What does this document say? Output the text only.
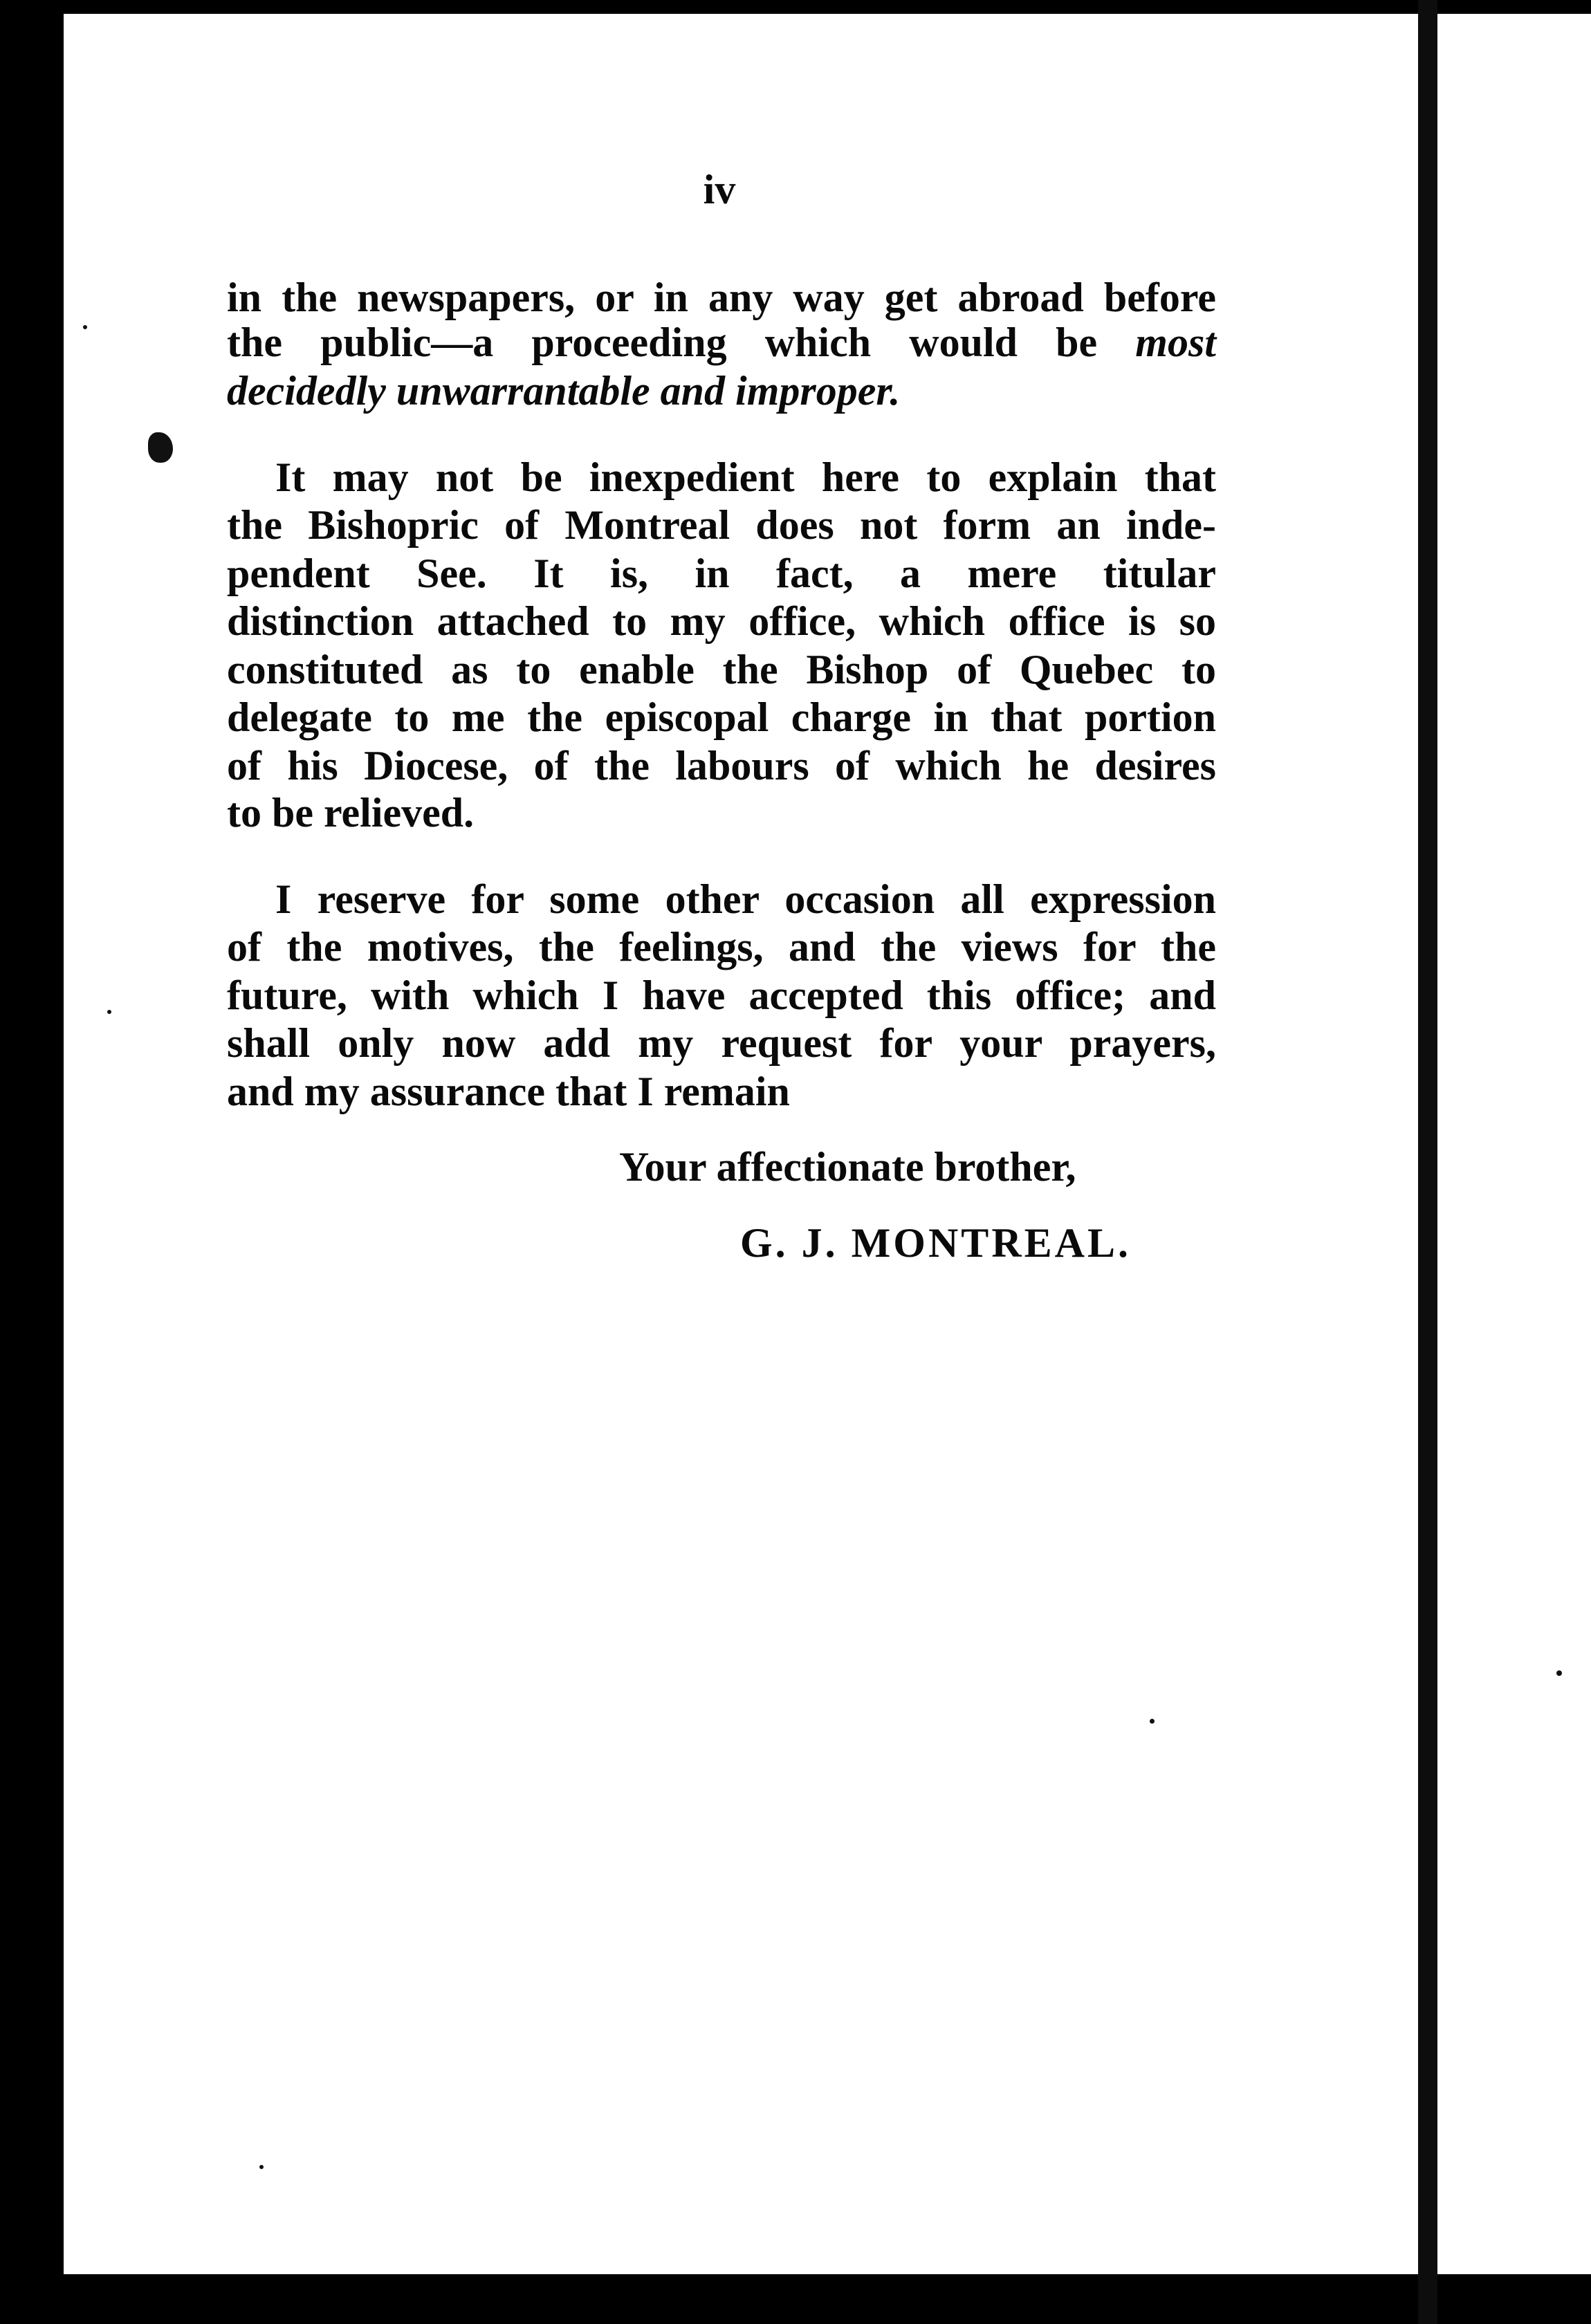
iv
in the newspapers, or in any way get abroad before
the public—a proceeding which would be most
decidedly unwarrantable and improper.
It may not be inexpedient here to explain that
the Bishopric of Montreal does not form an inde-
pendent See. It is, in fact, a mere titular
distinction attached to my office, which office is so
constituted as to enable the Bishop of Quebec to
delegate to me the episcopal charge in that portion
of his Diocese, of the labours of which he desires
to be relieved.
I reserve for some other occasion all expression
of the motives, the feelings, and the views for the
future, with which I have accepted this office; and
shall only now add my request for your prayers,
and my assurance that I remain
Your affectionate brother,
G. J. MONTREAL.
